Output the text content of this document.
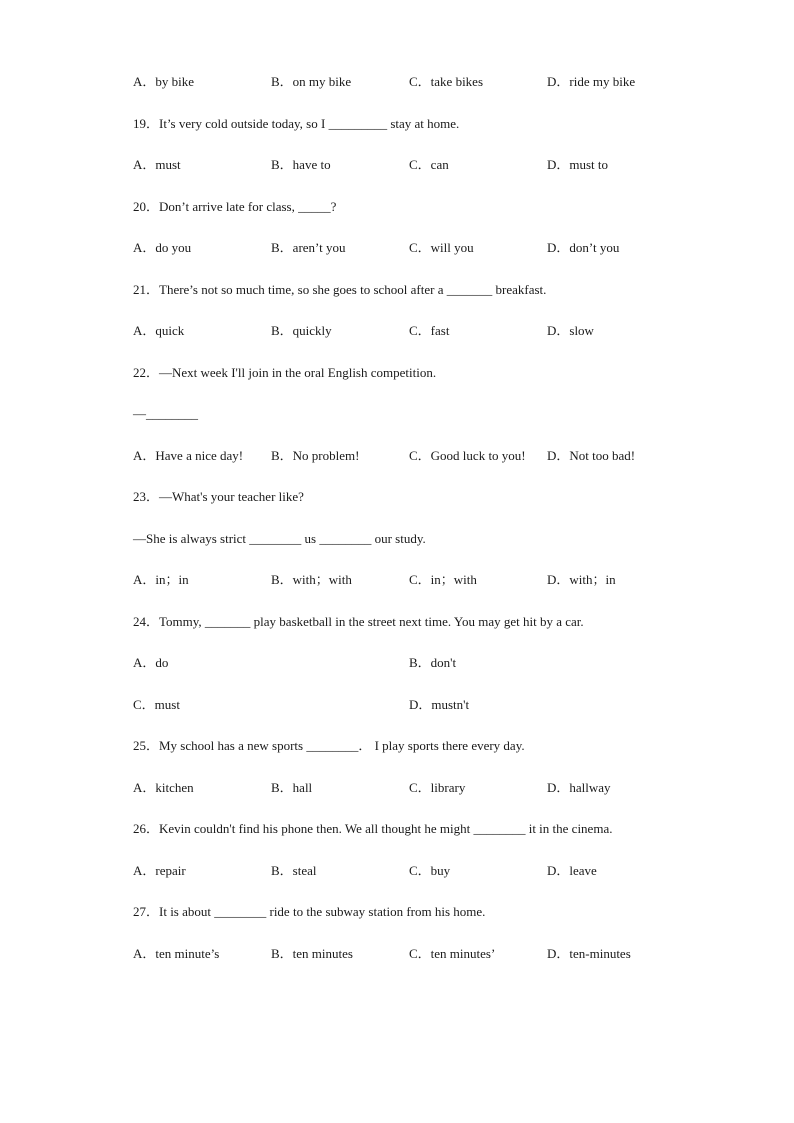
A．by bike	B．on my bike	C．take bikes	D．ride my bike
19．It’s very cold outside today, so I _________ stay at home.
A．must	B．have to	C．can	D．must to
20．Don’t arrive late for class, _____?
A．do you	B．aren’t you	C．will you	D．don’t you
21．There’s not so much time, so she goes to school after a _______ breakfast.
A．quick	B．quickly	C．fast	D．slow
22．—Next week I'll join in the oral English competition.
—________
A．Have a nice day! B．No problem!	C．Good luck to you! D．Not too bad!
23．—What's your teacher like?
—She is always strict ________ us ________ our study.
A．in；in	B．with；with	C．in；with	D．with；in
24．Tommy, _______ play basketball in the street next time. You may get hit by a car.
A．do	B．don't
C．must	D．mustn't
25．My school has a new sports ________． I play sports there every day.
A．kitchen	B．hall	C．library	D．hallway
26．Kevin couldn't find his phone then. We all thought he might ________ it in the cinema.
A．repair	B．steal	C．buy	D．leave
27．It is about ________ ride to the subway station from his home.
A．ten minute’s	B．ten minutes	C．ten minutes’	D．ten-minutes
